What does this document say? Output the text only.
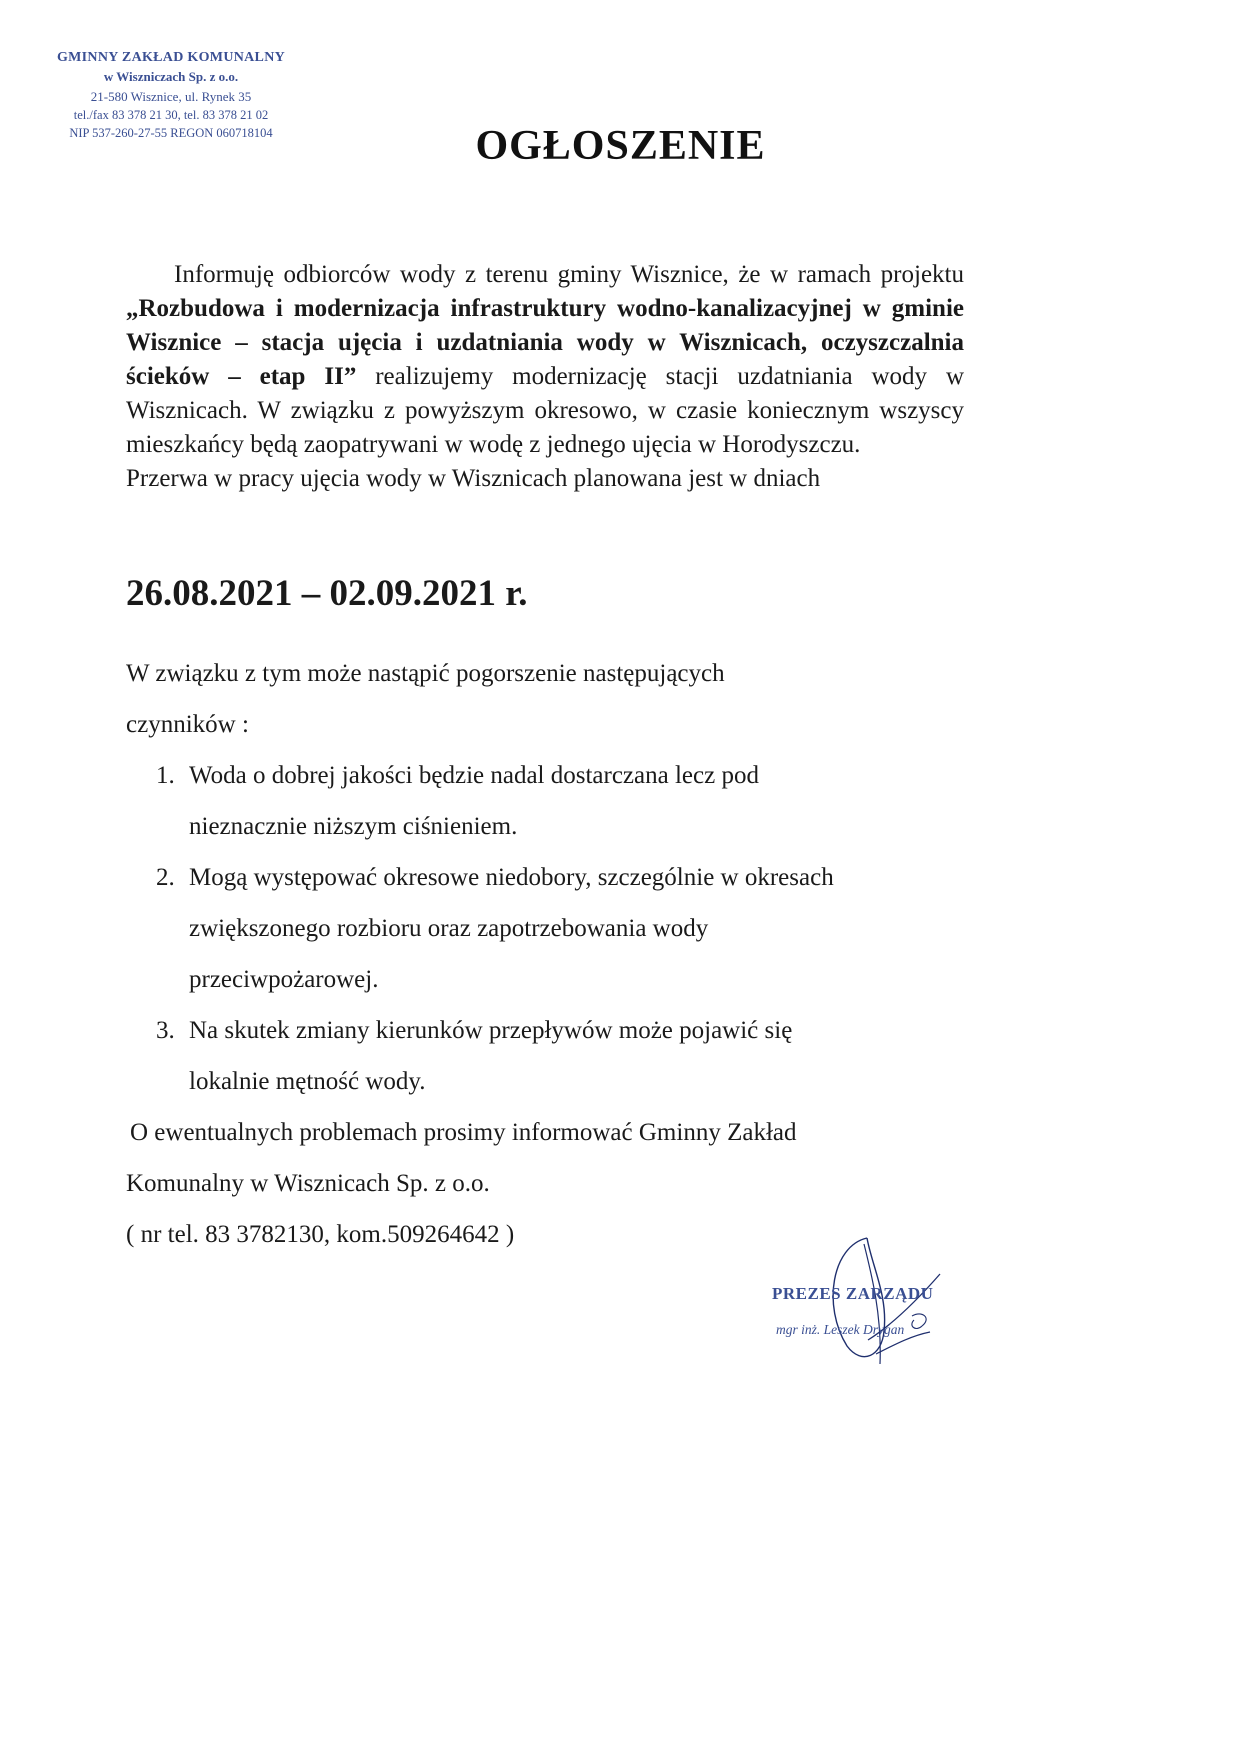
GMINNY ZAKŁAD KOMUNALNY
w Wiszniczach Sp. z o.o.
21-580 Wisznice, ul. Rynek 35
tel./fax 83 378 21 30, tel. 83 378 21 02
NIP 537-260-27-55 REGON 060718104	OGŁOSZENIE
Informuję odbiorców wody z terenu gminy Wisznice, że w ramach projektu „Rozbudowa i modernizacja infrastruktury wodno-kanalizacyjnej w gminie Wisznice – stacja ujęcia i uzdatniania wody w Wisznicach, oczyszczalnia ścieków – etap II” realizujemy modernizację stacji uzdatniania wody w Wisznicach. W związku z powyższym okresowo, w czasie koniecznym wszyscy mieszkańcy będą zaopatrywani w wodę z jednego ujęcia w Horodyszczu.
Przerwa w pracy ujęcia wody w Wisznicach planowana jest w dniach
26.08.2021 – 02.09.2021 r.

W związku z tym może nastąpić pogorszenie następujących

czynników :

1. Woda o dobrej jakości będzie nadal dostarczana lecz pod
nieznacznie niższym ciśnieniem.
2. Mogą występować okresowe niedobory, szczególnie w okresach
zwiększonego rozbioru oraz zapotrzebowania wody
przeciwpożarowej.
3. Na skutek zmiany kierunków przepływów może pojawić się
lokalnie mętność wody.

O ewentualnych problemach prosimy informować Gminny Zakład

Komunalny w Wisznicach Sp. z o.o.

( nr tel. 83 3782130, kom.509264642 )

PREZES ZARZĄDU
mgr inż. Leszek Drygan
